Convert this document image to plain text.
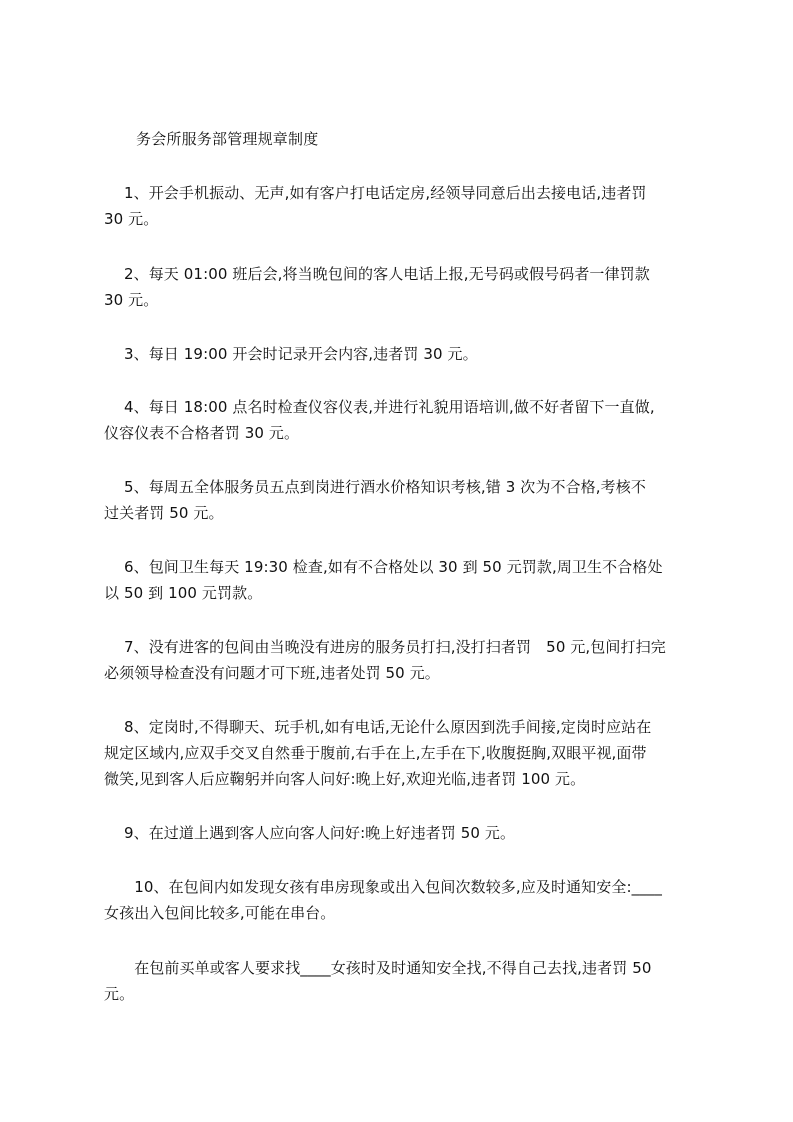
务会所服务部管理规章制度
　 1、开会手机振动、无声,如有客户打电话定房,经领导同意后出去接电话,违者罚
30 元。
　 2、每天 01:00 班后会,将当晚包间的客人电话上报,无号码或假号码者一律罚款
30 元。
　 3、每日 19:00 开会时记录开会内容,违者罚 30 元。
　 4、每日 18:00 点名时检查仪容仪表,并进行礼貌用语培训,做不好者留下一直做,
仪容仪表不合格者罚 30 元。
　 5、每周五全体服务员五点到岗进行酒水价格知识考核,错 3 次为不合格,考核不
过关者罚 50 元。
　 6、包间卫生每天 19:30 检查,如有不合格处以 30 到 50 元罚款,周卫生不合格处
以 50 到 100 元罚款。
　 7、没有进客的包间由当晚没有进房的服务员打扫,没打扫者罚　50 元,包间打扫完
必须领导检查没有问题才可下班,违者处罚 50 元。
　 8、定岗时,不得聊天、玩手机,如有电话,无论什么原因到洗手间接,定岗时应站在
规定区域内,应双手交叉自然垂于腹前,右手在上,左手在下,收腹挺胸,双眼平视,面带
微笑,见到客人后应鞠躬并向客人问好:晚上好,欢迎光临,违者罚 100 元。
　 9、在过道上遇到客人应向客人问好:晚上好违者罚 50 元。
　　10、在包间内如发现女孩有串房现象或出入包间次数较多,应及时通知安全:____
女孩出入包间比较多,可能在串台。
　　在包前买单或客人要求找____女孩时及时通知安全找,不得自己去找,违者罚 50
元。
